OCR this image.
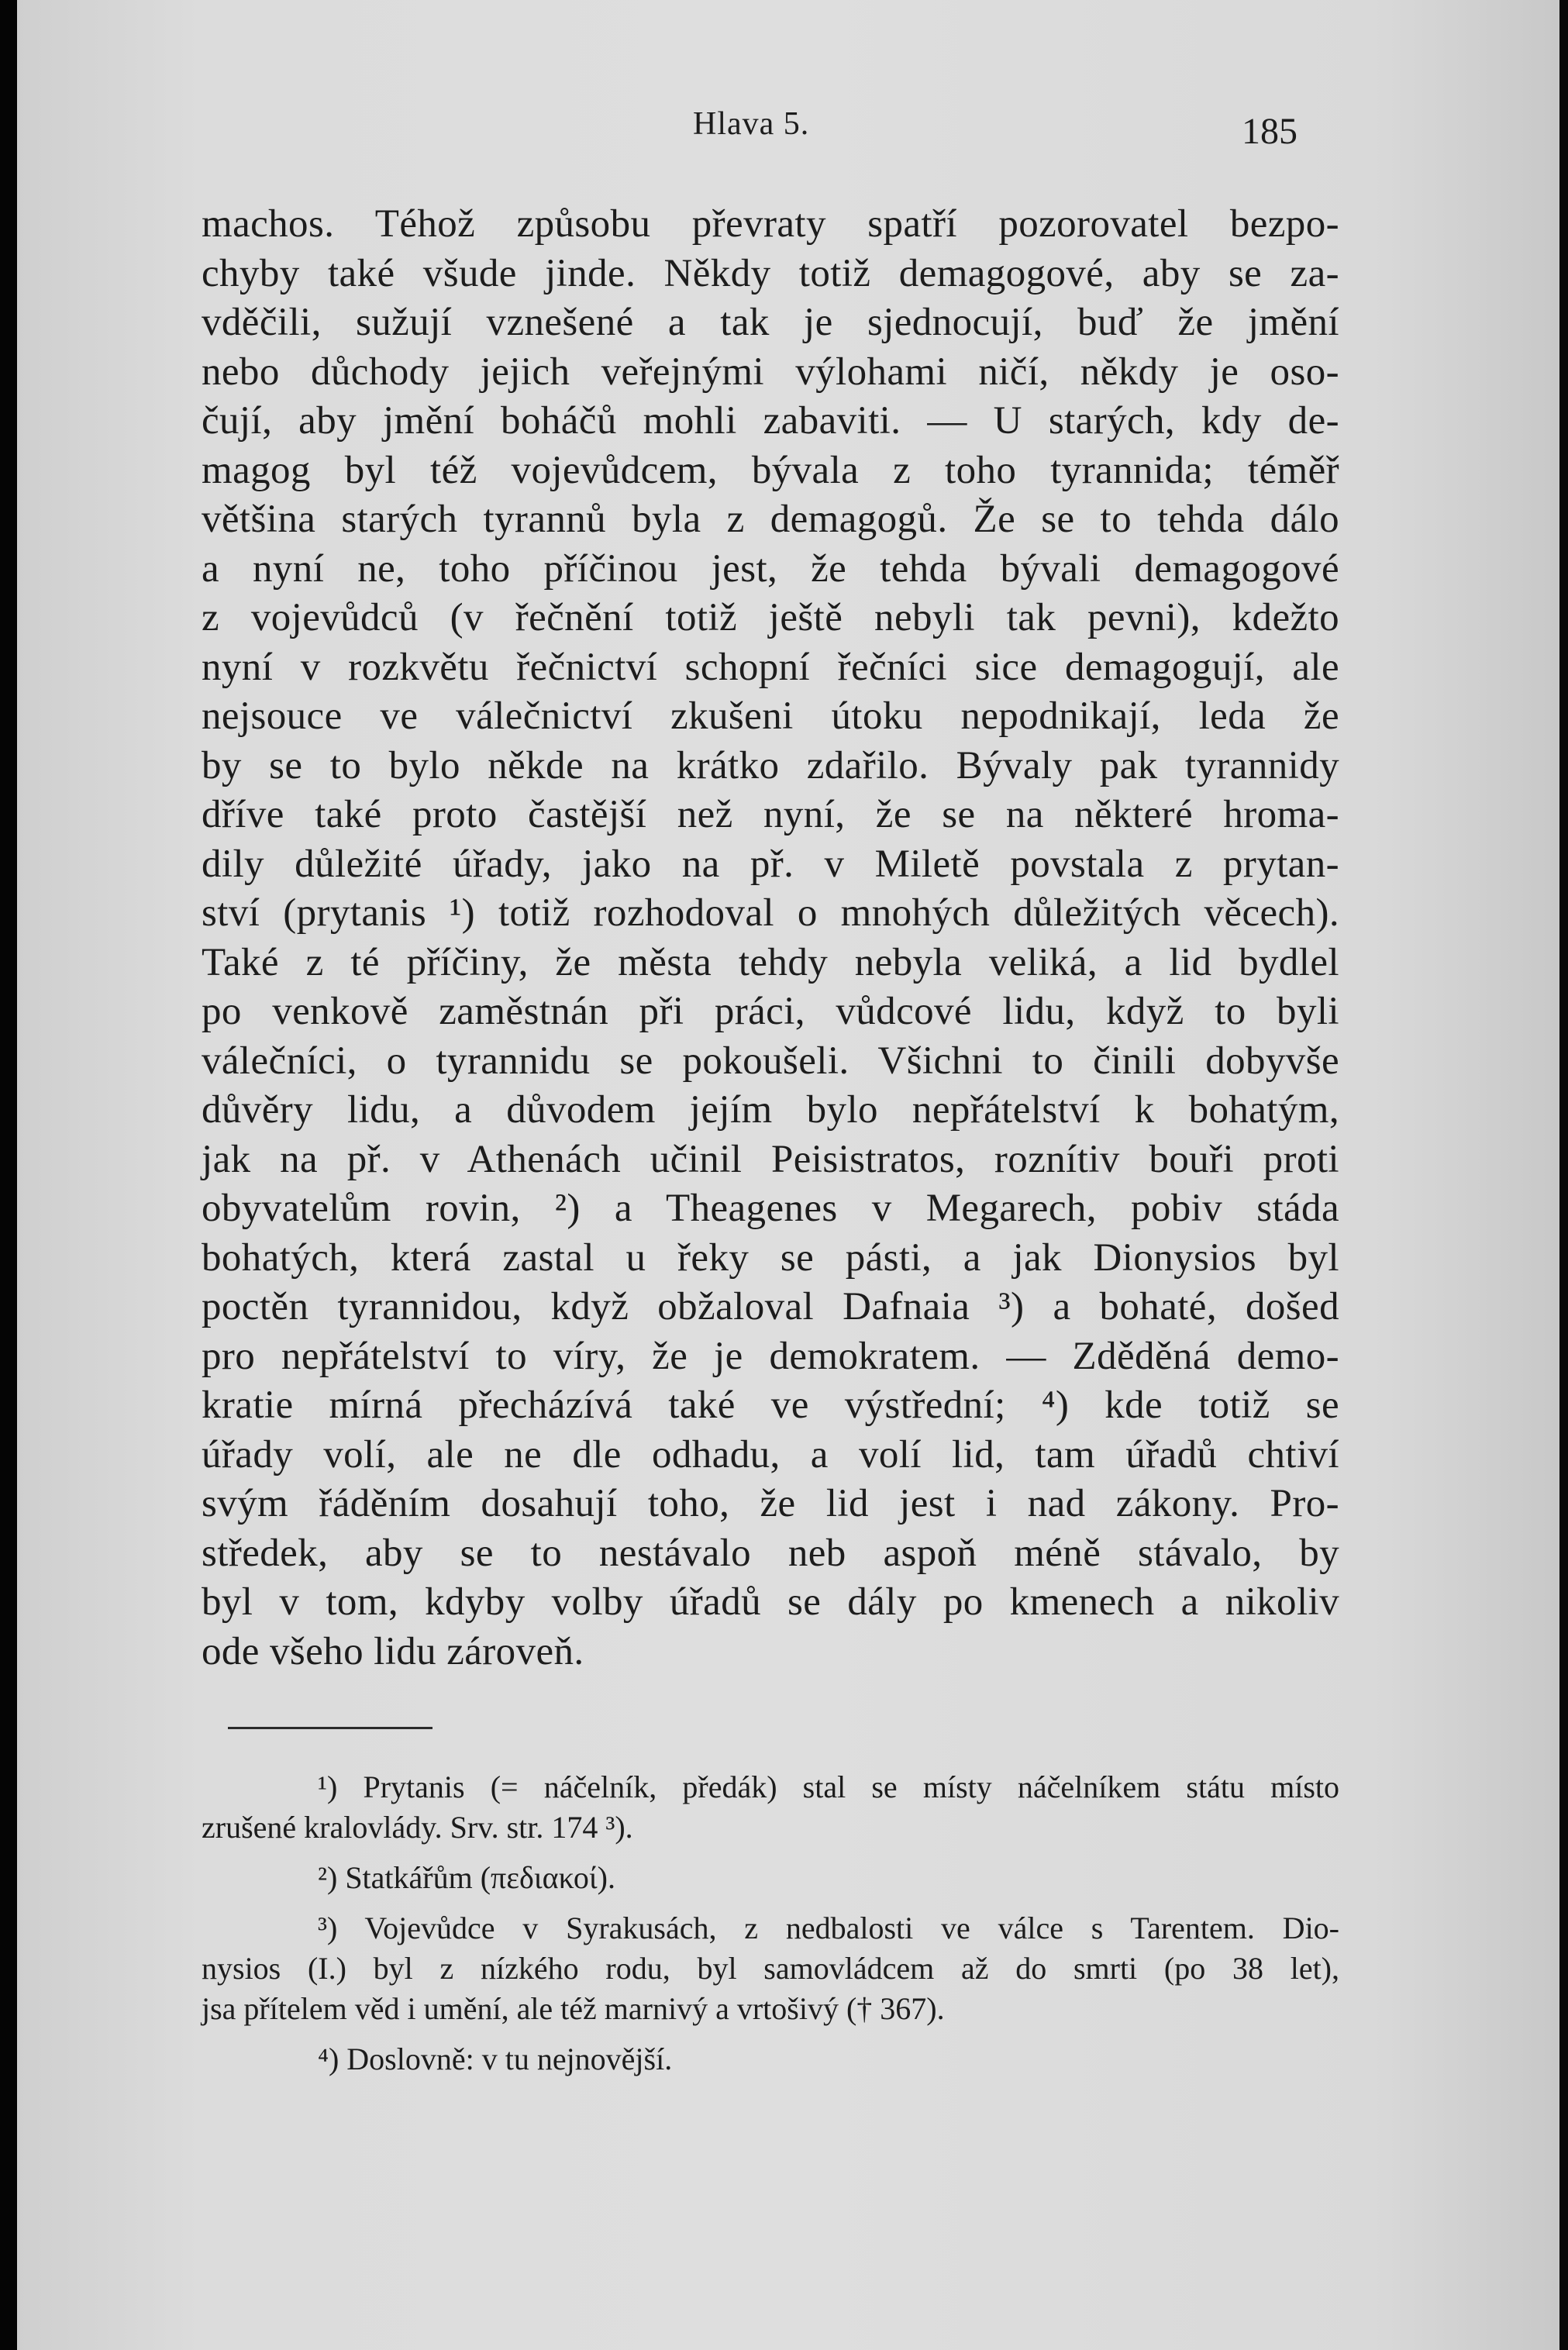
Hlava 5.	185
machos. Téhož způsobu převraty spatří pozorovatel bezpo-
chyby také všude jinde. Někdy totiž demagogové, aby se za-
vděčili, sužují vznešené a tak je sjednocují, buď že jmění
nebo důchody jejich veřejnými výlohami ničí, někdy je oso-
čují, aby jmění boháčů mohli zabaviti. — U starých, kdy de-
magog byl též vojevůdcem, bývala z toho tyrannida; téměř
většina starých tyrannů byla z demagogů. Že se to tehda dálo
a nyní ne, toho příčinou jest, že tehda bývali demagogové
z vojevůdců (v řečnění totiž ještě nebyli tak pevni), kdežto
nyní v rozkvětu řečnictví schopní řečníci sice demagogují, ale
nejsouce ve válečnictví zkušeni útoku nepodnikají, leda že
by se to bylo někde na krátko zdařilo. Bývaly pak tyrannidy
dříve také proto častější než nyní, že se na některé hroma-
dily důležité úřady, jako na př. v Miletě povstala z prytan-
ství (prytanis ¹) totiž rozhodoval o mnohých důležitých věcech).
Také z té příčiny, že města tehdy nebyla veliká, a lid bydlel
po venkově zaměstnán při práci, vůdcové lidu, když to byli
válečníci, o tyrannidu se pokoušeli. Všichni to činili dobyvše
důvěry lidu, a důvodem jejím bylo nepřátelství k bohatým,
jak na př. v Athenách učinil Peisistratos, roznítiv bouři proti
obyvatelům rovin, ²) a Theagenes v Megarech, pobiv stáda
bohatých, která zastal u řeky se pásti, a jak Dionysios byl
poctěn tyrannidou, když obžaloval Dafnaia ³) a bohaté, došed
pro nepřátelství to víry, že je demokratem. — Zděděná demo-
kratie mírná přecházívá také ve výstřední; ⁴) kde totiž se
úřady volí, ale ne dle odhadu, a volí lid, tam úřadů chtiví
svým řáděním dosahují toho, že lid jest i nad zákony. Pro-
středek, aby se to nestávalo neb aspoň méně stávalo, by
byl v tom, kdyby volby úřadů se dály po kmenech a nikoliv
ode všeho lidu zároveň.
¹) Prytanis (= náčelník, předák) stal se místy náčelníkem státu místo
zrušené kralovlády. Srv. str. 174 ³).
²) Statkářům (πεδιακοί).
³) Vojevůdce v Syrakusách, z nedbalosti ve válce s Tarentem. Dio-
nysios (I.) byl z nízkého rodu, byl samovládcem až do smrti (po 38 let),
jsa přítelem věd i umění, ale též marnivý a vrtošivý († 367).
⁴) Doslovně: v tu nejnovější.
